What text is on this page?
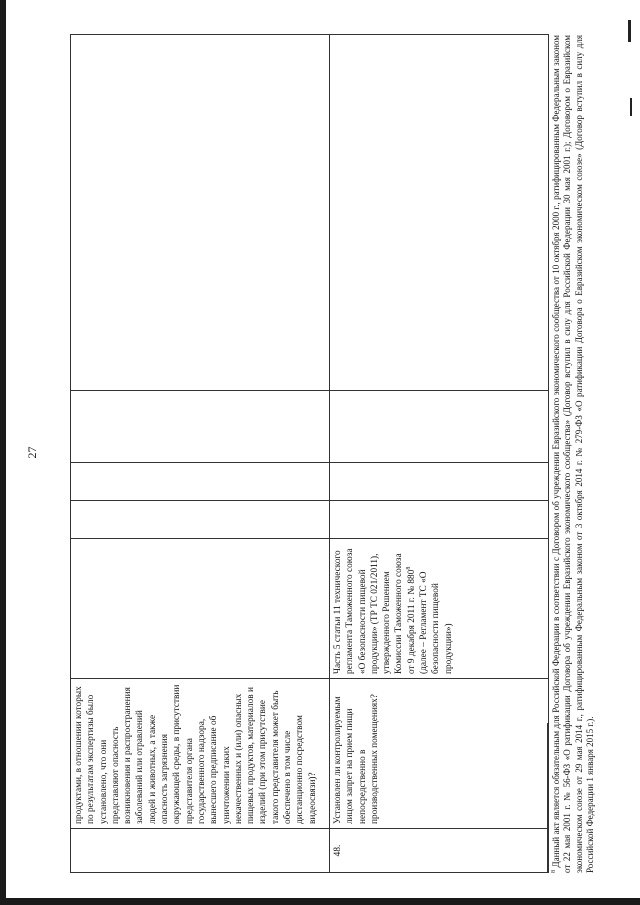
27
	продуктами, в отношении которых по результатам экспертизы было установлено, что они представляют опасность возникновения и распространения заболеваний или отравлений людей и животных, а также опасность загрязнения окружающей среды, в присутствии представителя органа государственного надзора, вынесшего предписание об уничтожении таких некачественных и (или) опасных пищевых продуктов, материалов и изделий (при этом присутствие такого представителя может быть обеспечено в том числе дистанционно посредством видеосвязи)?					
48.	Установлен ли контролируемым лицом запрет на прием пищи непосредственно в производственных помещениях?	Часть 5 статьи 11 технического регламента Таможенного союза «О безопасности пищевой продукции» (ТР ТС 021/2011), утвержденного Решением Комиссии Таможенного союза от 9 декабря 2011 г. № 880$^8$ (далее – Регламент ТС «О безопасности пищевой продукции»)				

$^8$ Данный акт является обязательным для Российской Федерации в соответствии с Договором об учреждении Евразийского экономического сообщества от 10 октября 2000 г., ратифицированным Федеральным законом от 22 мая 2001 г. № 56-ФЗ «О ратификации Договора об учреждении Евразийского экономического сообщества» (Договор вступил в силу для Российской Федерации 30 мая 2001 г.); Договором о Евразийском экономическом союзе от 29 мая 2014 г., ратифицированным Федеральным законом от 3 октября 2014 г. № 279-ФЗ «О ратификации Договора о Евразийском экономическом союзе» (Договор вступил в силу для Российской Федерации 1 января 2015 г.).
